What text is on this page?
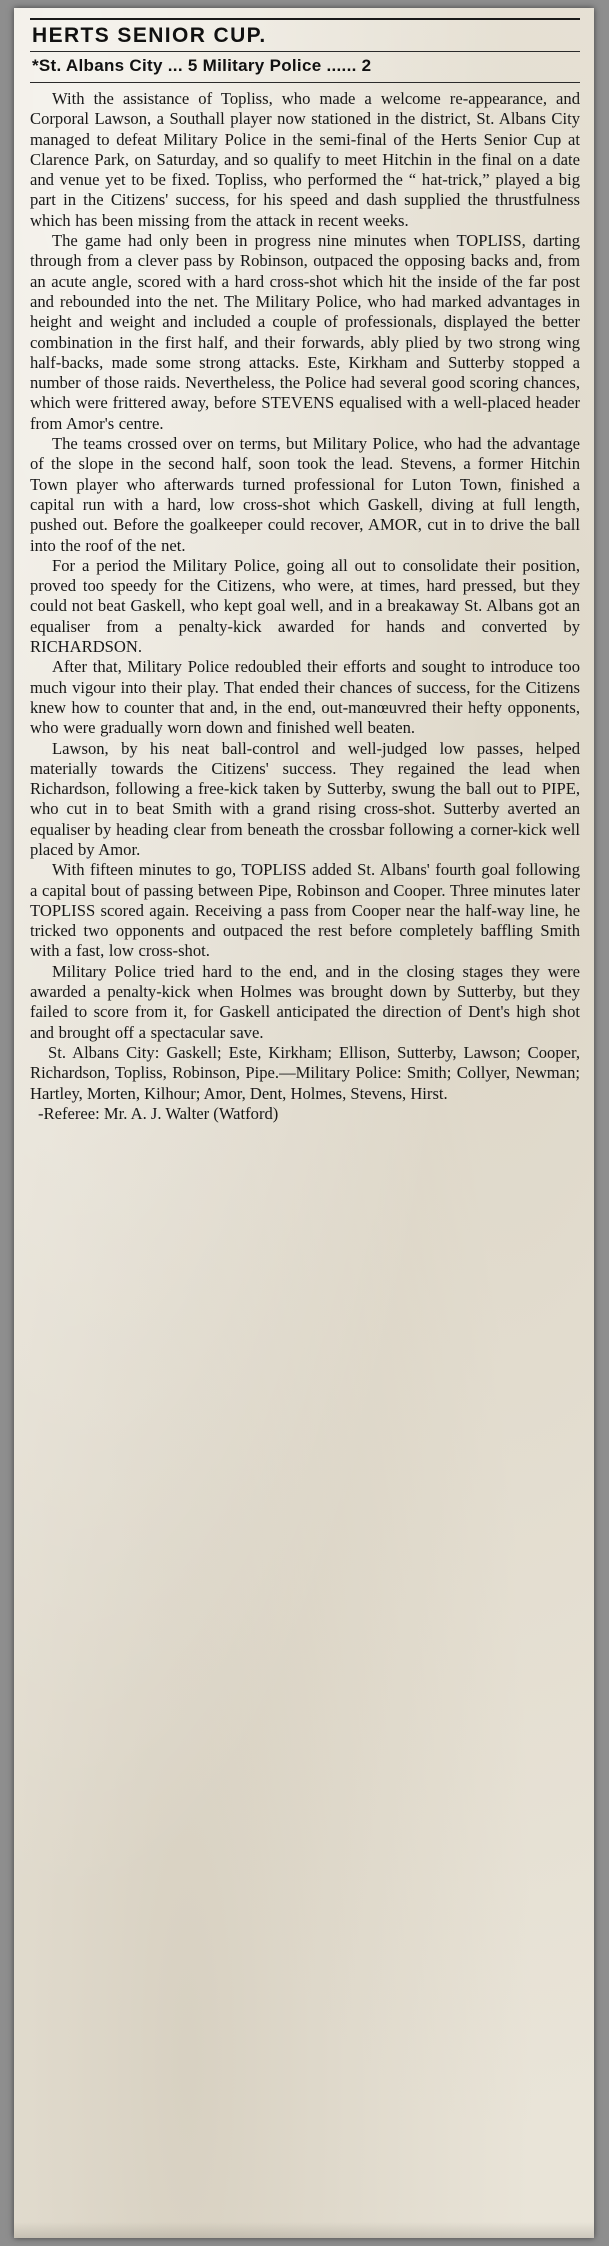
HERTS SENIOR CUP.
*St. Albans City ... 5 Military Police ...... 2

With the assistance of Topliss, who made a welcome re-appearance, and Corporal Lawson, a Southall player now stationed in the district, St. Albans City managed to defeat Military Police in the semi-final of the Herts Senior Cup at Clarence Park, on Saturday, and so qualify to meet Hitchin in the final on a date and venue yet to be fixed. Topliss, who performed the “ hat-trick,” played a big part in the Citizens' success, for his speed and dash supplied the thrustfulness which has been missing from the attack in recent weeks.

The game had only been in progress nine minutes when TOPLISS, darting through from a clever pass by Robinson, outpaced the opposing backs and, from an acute angle, scored with a hard cross-shot which hit the inside of the far post and rebounded into the net. The Military Police, who had marked advantages in height and weight and included a couple of professionals, displayed the better combination in the first half, and their forwards, ably plied by two strong wing half-backs, made some strong attacks. Este, Kirkham and Sutterby stopped a number of those raids. Nevertheless, the Police had several good scoring chances, which were frittered away, before STEVENS equalised with a well-placed header from Amor's centre.

The teams crossed over on terms, but Military Police, who had the advantage of the slope in the second half, soon took the lead. Stevens, a former Hitchin Town player who afterwards turned professional for Luton Town, finished a capital run with a hard, low cross-shot which Gaskell, diving at full length, pushed out. Before the goalkeeper could recover, AMOR, cut in to drive the ball into the roof of the net.

For a period the Military Police, going all out to consolidate their position, proved too speedy for the Citizens, who were, at times, hard pressed, but they could not beat Gaskell, who kept goal well, and in a breakaway St. Albans got an equaliser from a penalty-kick awarded for hands and converted by RICHARDSON.

After that, Military Police redoubled their efforts and sought to introduce too much vigour into their play. That ended their chances of success, for the Citizens knew how to counter that and, in the end, out-manœuvred their hefty opponents, who were gradually worn down and finished well beaten.

Lawson, by his neat ball-control and well-judged low passes, helped materially towards the Citizens' success. They regained the lead when Richardson, following a free-kick taken by Sutterby, swung the ball out to PIPE, who cut in to beat Smith with a grand rising cross-shot. Sutterby averted an equaliser by heading clear from beneath the crossbar following a corner-kick well placed by Amor.

With fifteen minutes to go, TOPLISS added St. Albans' fourth goal following a capital bout of passing between Pipe, Robinson and Cooper. Three minutes later TOPLISS scored again. Receiving a pass from Cooper near the half-way line, he tricked two opponents and outpaced the rest before completely baffling Smith with a fast, low cross-shot.

Military Police tried hard to the end, and in the closing stages they were awarded a penalty-kick when Holmes was brought down by Sutterby, but they failed to score from it, for Gaskell anticipated the direction of Dent's high shot and brought off a spectacular save.

St. Albans City: Gaskell; Este, Kirkham; Ellison, Sutterby, Lawson; Cooper, Richardson, Topliss, Robinson, Pipe.—Military Police: Smith; Collyer, Newman; Hartley, Morten, Kilhour; Amor, Dent, Holmes, Stevens, Hirst.

-Referee: Mr. A. J. Walter (Watford)
